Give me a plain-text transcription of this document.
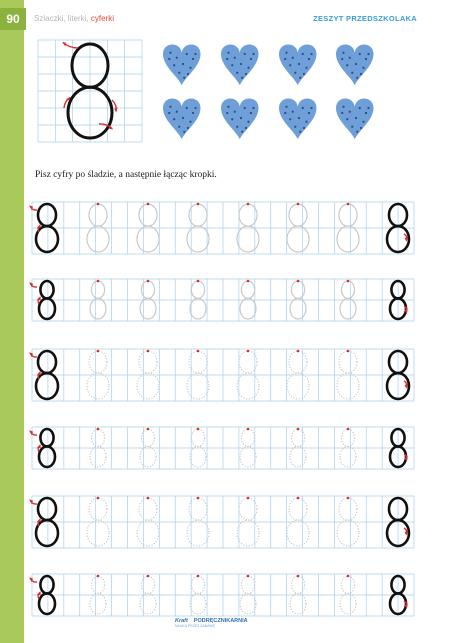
90	Szlaczki, literki, cyferki	ZESZYT PRZEDSZKOLAKA
Pisz cyfry po śladzie, a następnie łącząc kropki.
Kraft PODRĘCZNIKARNIA
NAUKA PRZEZ ZABAWĘ
